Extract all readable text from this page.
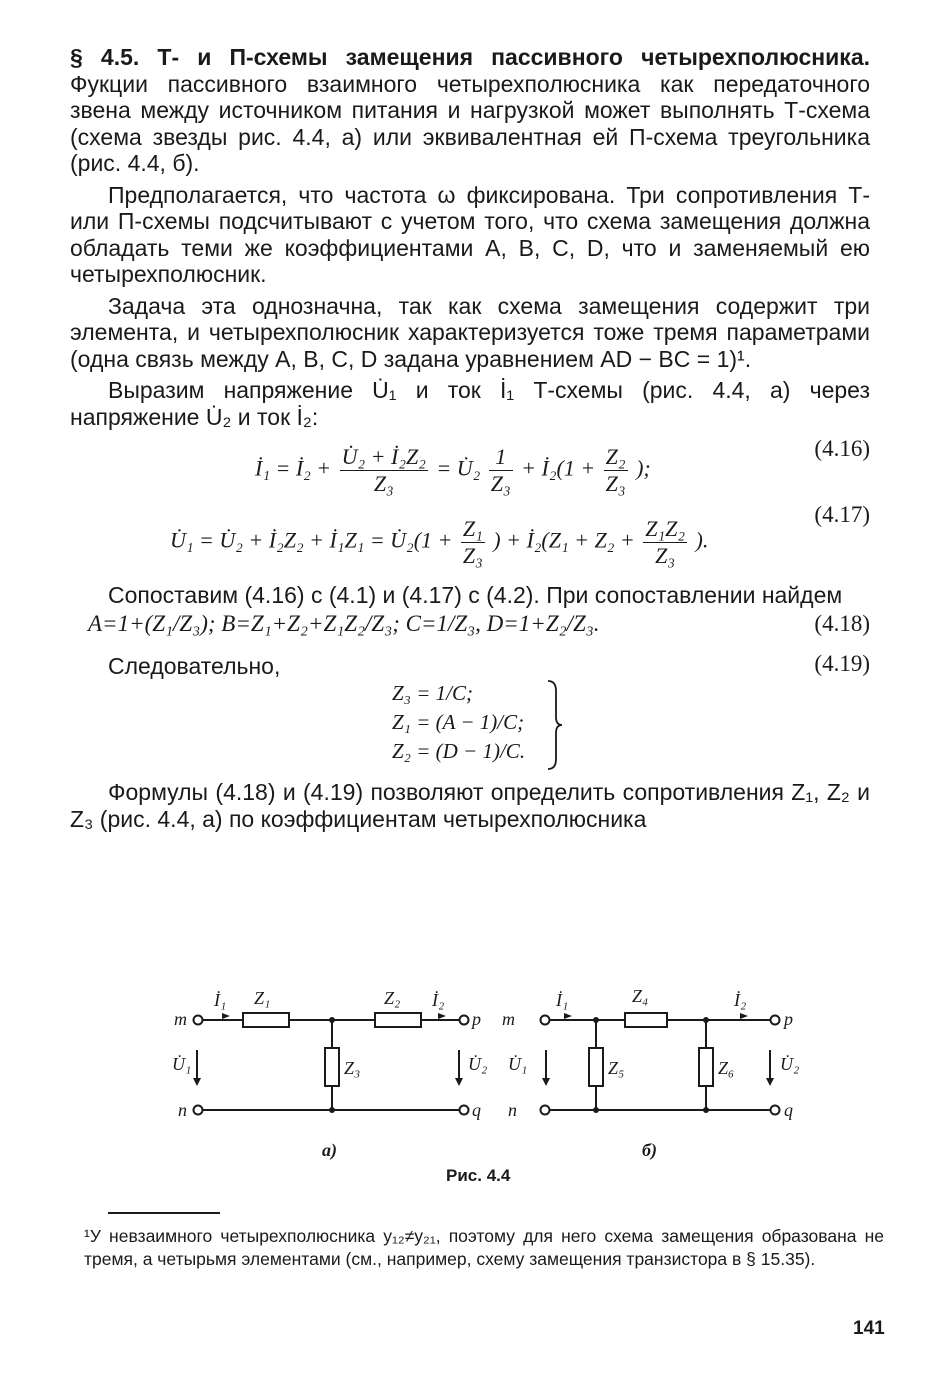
§ 4.5. Т- и П-схемы замещения пассивного четырехполюсника. Фукции пассивного взаимного четырехполюсника как передаточного звена между источником питания и нагрузкой может выполнять Т-схема (схема звезды рис. 4.4, а) или эквивалентная ей П-схема треугольника (рис. 4.4, б).

Предполагается, что частота ω фиксирована. Три сопротивления Т- или П-схемы подсчитывают с учетом того, что схема замещения должна обладать теми же коэффициентами A, B, C, D, что и заменяемый ею четырехполюсник.

Задача эта однозначна, так как схема замещения содержит три элемента, и четырехполюсник характеризуется тоже тремя параметрами (одна связь между A, B, C, D задана уравнением AD − BC = 1)¹.

Выразим напряжение U̇₁ и ток İ₁ Т-схемы (рис. 4.4, а) через напряжение U̇₂ и ток İ₂:

İ₁ = İ₂ + $\frac{\text{U̇₂ + İ₂Z₂}}{\text{Z₃}}$ = U̇₂ $\frac{1}{\text{Z₃}}$ + İ₂(1 + $\frac{\text{Z₂}}{\text{Z₃}}$ );
(4.16)
U̇₁ = U̇₂ + İ₂Z₂ + İ₁Z₁ = U̇₂(1 + $\frac{\text{Z₁}}{\text{Z₃}}$ ) + İ₂(Z₁ + $Z_2 + \frac{\text{Z₁Z₂}}{\text{Z₃}}$ ).
(4.17)

Сопоставим (4.16) с (4.1) и (4.17) с (4.2). При сопоставлении найдем

A=1+(Z₁/Z₃); B=Z₁+Z₂+Z₁Z₂/Z₃; C=1/Z₃, D=1+Z₂/Z₃.	(4.18)

Следовательно,

Z₃ = 1/C;
Z₁ = (A − 1)/C;
Z₂ = (D − 1)/C.
(4.19)

Формулы (4.18) и (4.19) позволяют определить сопротивления Z₁, Z₂ и Z₃ (рис. 4.4, а) по коэффициентам четырехполюсника

m
n
p
q
İ₁	İ₂
Z₁	Z₂
Z₃
U̇₁	U̇₂
а)
m
n
p
q
İ₁	İ₂
Z₄
Z₅	Z₆
U̇₁	U̇₂
б)
Рис. 4.4
¹У невзаимного четырехполюсника y₁₂≠y₂₁, поэтому для него схема замещения образована не тремя, а четырьмя элементами (см., например, схему замещения транзистора в § 15.35).
141
